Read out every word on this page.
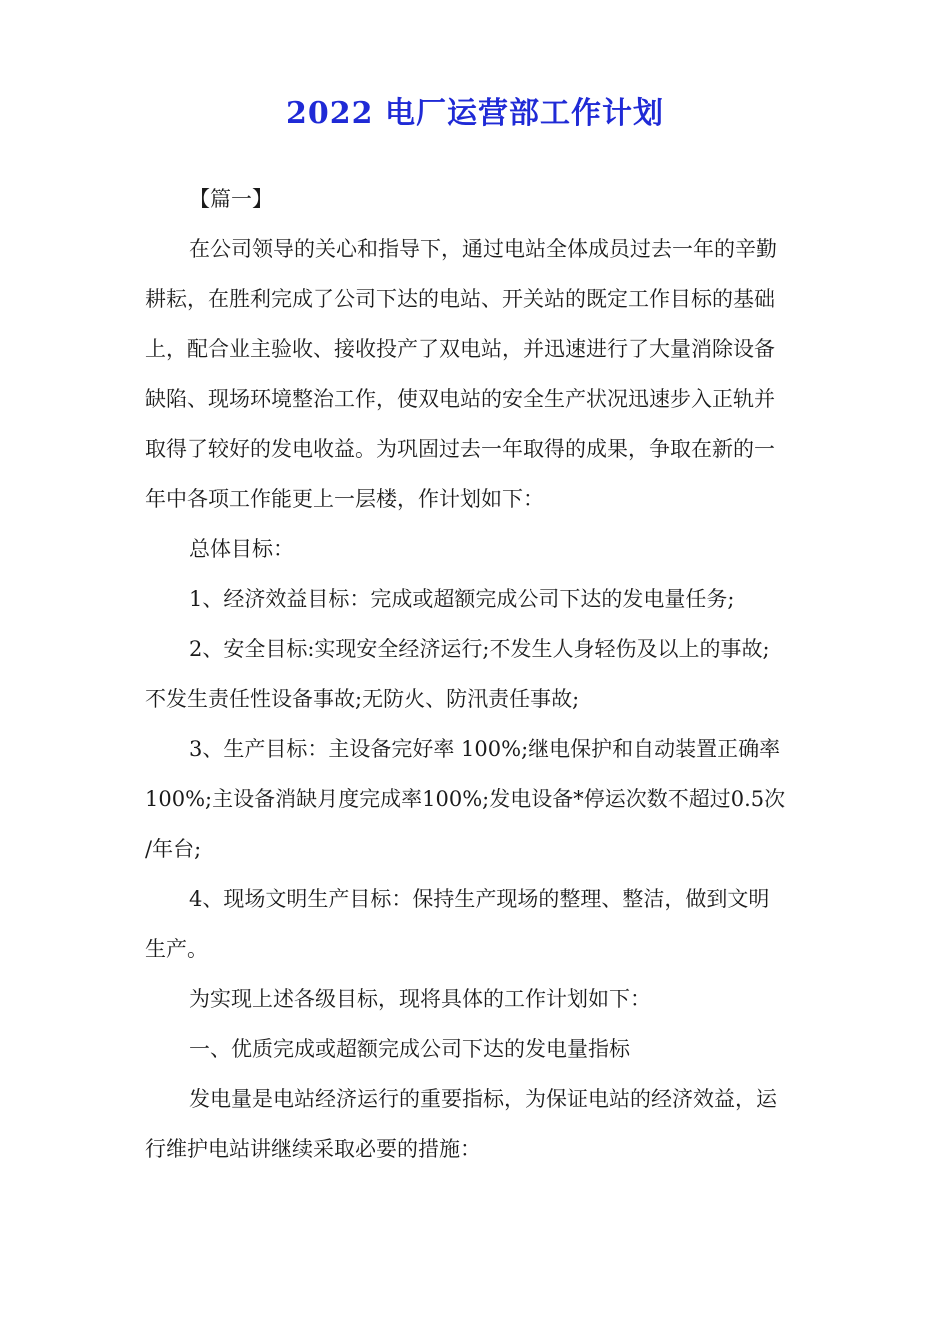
2022 电厂运营部工作计划

【篇一】

在公司领导的关心和指导下，通过电站全体成员过去一年的辛勤
耕耘，在胜利完成了公司下达的电站、开关站的既定工作目标的基础
上，配合业主验收、接收投产了双电站，并迅速进行了大量消除设备
缺陷、现场环境整治工作，使双电站的安全生产状况迅速步入正轨并
取得了较好的发电收益。为巩固过去一年取得的成果，争取在新的一
年中各项工作能更上一层楼，作计划如下：

总体目标：

1、经济效益目标：完成或超额完成公司下达的发电量任务;

2、安全目标:实现安全经济运行;不发生人身轻伤及以上的事故;
不发生责任性设备事故;无防火、防汛责任事故;

3、生产目标：主设备完好率 100%;继电保护和自动装置正确率
100%;主设备消缺月度完成率100%;发电设备*停运次数不超过0.5次
/年台;

4、现场文明生产目标：保持生产现场的整理、整洁，做到文明
生产。

为实现上述各级目标，现将具体的工作计划如下：

一、优质完成或超额完成公司下达的发电量指标

发电量是电站经济运行的重要指标，为保证电站的经济效益，运
行维护电站讲继续采取必要的措施：
